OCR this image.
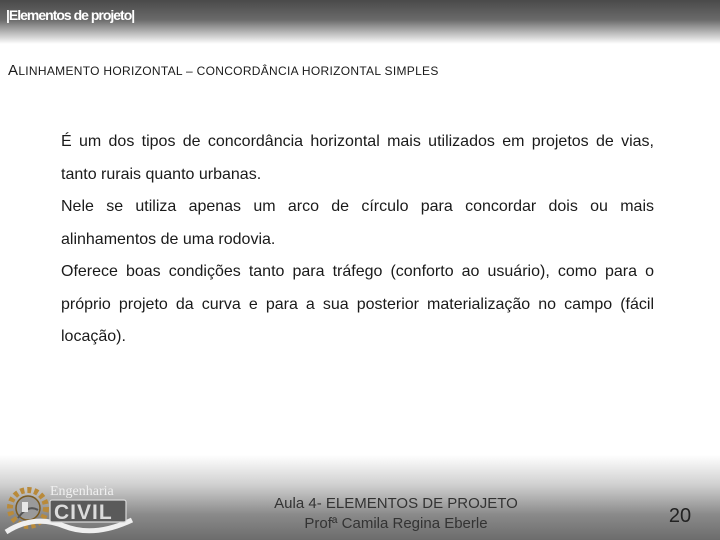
|Elementos de projeto|
ALINHAMENTO HORIZONTAL – CONCORDÂNCIA HORIZONTAL SIMPLES

É um dos tipos de concordância horizontal mais utilizados em projetos de vias, tanto rurais quanto urbanas.

Nele se utiliza apenas um arco de círculo para concordar dois ou mais alinhamentos de uma rodovia.

Oferece boas condições tanto para tráfego (conforto ao usuário), como para o próprio projeto da curva e para a sua posterior materialização no campo (fácil locação).

Engenharia
CIVIL	Aula 4- ELEMENTOS DE PROJETO
Profª Camila Regina Eberle	20
